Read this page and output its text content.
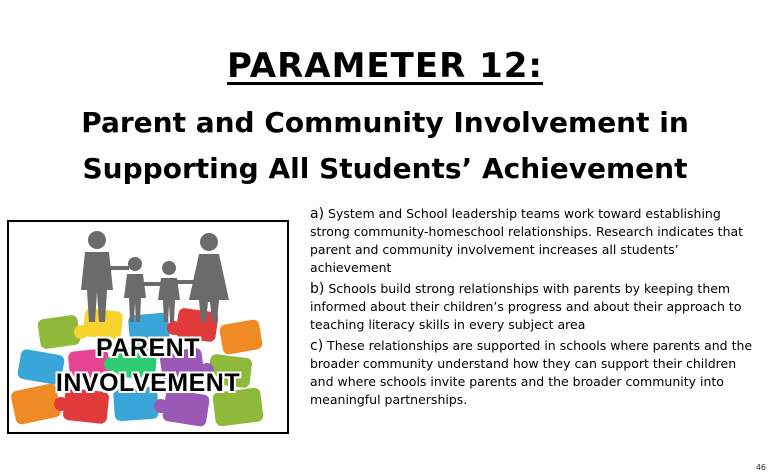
PARAMETER 12:
Parent and Community Involvement in
Supporting All Students’ Achievement
PARENT
INVOLVEMENT

a) System and School leadership teams work toward establishing strong community-homeschool relationships. Research indicates that parent and community involvement increases all students’ achievement

b) Schools build strong relationships with parents by keeping them informed about their children’s progress and about their approach to teaching literacy skills in every subject area

c) These relationships are supported in schools where parents and the broader community understand how they can support their children and where schools invite parents and the broader community into meaningful partnerships.

46
